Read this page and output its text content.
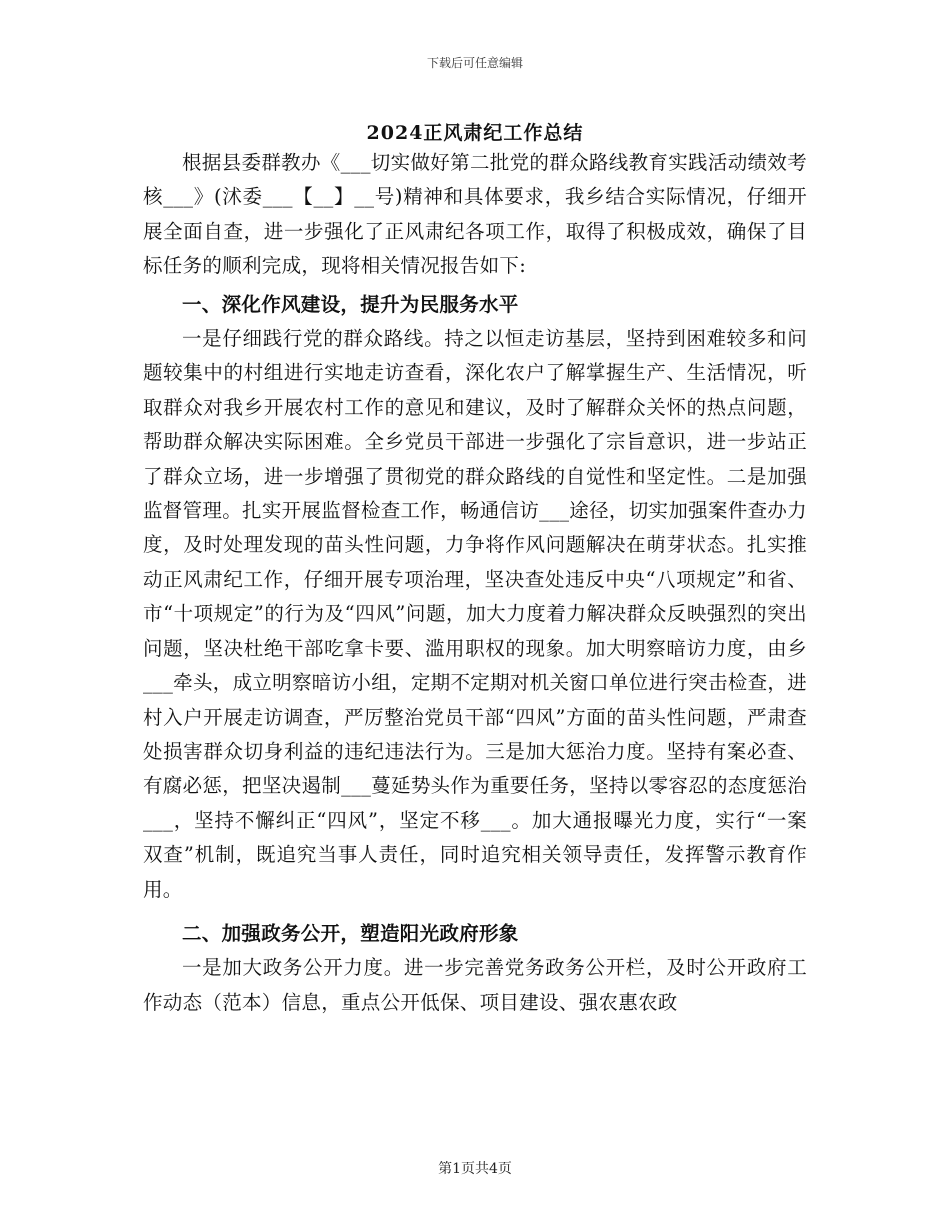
下载后可任意编辑
2024正风肃纪工作总结

根据县委群教办《___切实做好第二批党的群众路线教育实践活动绩效考核___》(沭委___【__】__号)精神和具体要求，我乡结合实际情况，仔细开展全面自查，进一步强化了正风肃纪各项工作，取得了积极成效，确保了目标任务的顺利完成，现将相关情况报告如下:

一、深化作风建设，提升为民服务水平

一是仔细践行党的群众路线。持之以恒走访基层，坚持到困难较多和问题较集中的村组进行实地走访查看，深化农户了解掌握生产、生活情况，听取群众对我乡开展农村工作的意见和建议，及时了解群众关怀的热点问题，帮助群众解决实际困难。全乡党员干部进一步强化了宗旨意识，进一步站正了群众立场，进一步增强了贯彻党的群众路线的自觉性和坚定性。二是加强监督管理。扎实开展监督检查工作，畅通信访___途径，切实加强案件查办力度，及时处理发现的苗头性问题，力争将作风问题解决在萌芽状态。扎实推动正风肃纪工作，仔细开展专项治理，坚决查处违反中央“八项规定”和省、市“十项规定”的行为及“四风”问题，加大力度着力解决群众反映强烈的突出问题，坚决杜绝干部吃拿卡要、滥用职权的现象。加大明察暗访力度，由乡___牵头，成立明察暗访小组，定期不定期对机关窗口单位进行突击检查，进村入户开展走访调查，严厉整治党员干部“四风”方面的苗头性问题，严肃查处损害群众切身利益的违纪违法行为。三是加大惩治力度。坚持有案必查、有腐必惩，把坚决遏制___蔓延势头作为重要任务，坚持以零容忍的态度惩治___，坚持不懈纠正“四风”，坚定不移___。加大通报曝光力度，实行“一案双查”机制，既追究当事人责任，同时追究相关领导责任，发挥警示教育作用。

二、加强政务公开，塑造阳光政府形象

一是加大政务公开力度。进一步完善党务政务公开栏，及时公开政府工作动态（范本）信息，重点公开低保、项目建设、强农惠农政

第1页共4页
